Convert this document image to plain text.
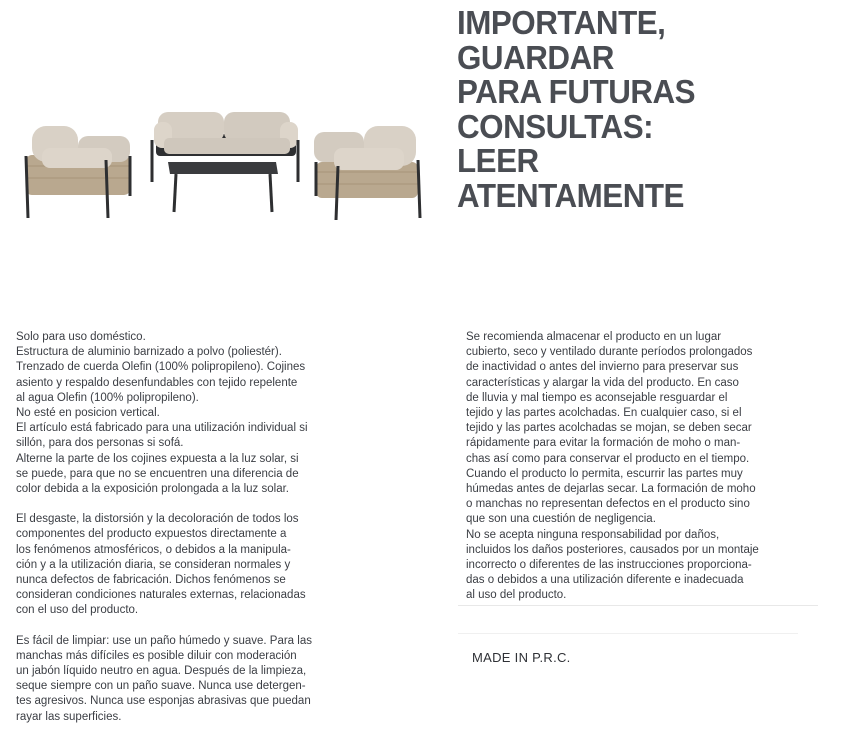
IMPORTANTE,
GUARDAR
PARA FUTURAS
CONSULTAS:
LEER
ATENTAMENTE

Solo para uso doméstico.
Estructura de aluminio barnizado a polvo (poliestér).
Trenzado de cuerda Olefin (100% polipropileno). Cojines
asiento y respaldo desenfundables con tejido repelente
al agua Olefin (100% polipropileno).
No esté en posicion vertical.
El artículo está fabricado para una utilización individual si
sillón, para dos personas si sofá.
Alterne la parte de los cojines expuesta a la luz solar, si
se puede, para que no se encuentren una diferencia de
color debida a la exposición prolongada a la luz solar.

El desgaste, la distorsión y la decoloración de todos los
componentes del producto expuestos directamente a
los fenómenos atmosféricos, o debidos a la manipula-
ción y a la utilización diaria, se consideran normales y
nunca defectos de fabricación. Dichos fenómenos se
consideran condiciones naturales externas, relacionadas
con el uso del producto.

Es fácil de limpiar: use un paño húmedo y suave. Para las
manchas más difíciles es posible diluir con moderación
un jabón líquido neutro en agua. Después de la limpieza,
seque siempre con un paño suave. Nunca use detergen-
tes agresivos. Nunca use esponjas abrasivas que puedan
rayar las superficies.

Se recomienda almacenar el producto en un lugar
cubierto, seco y ventilado durante períodos prolongados
de inactividad o antes del invierno para preservar sus
características y alargar la vida del producto. En caso
de lluvia y mal tiempo es aconsejable resguardar el
tejido y las partes acolchadas. En cualquier caso, si el
tejido y las partes acolchadas se mojan, se deben secar
rápidamente para evitar la formación de moho o man-
chas así como para conservar el producto en el tiempo.
Cuando el producto lo permita, escurrir las partes muy
húmedas antes de dejarlas secar. La formación de moho
o manchas no representan defectos en el producto sino
que son una cuestión de negligencia.
No se acepta ninguna responsabilidad por daños,
incluidos los daños posteriores, causados por un montaje
incorrecto o diferentes de las instrucciones proporciona-
das o debidos a una utilización diferente e inadecuada
al uso del producto.

MADE IN P.R.C.
